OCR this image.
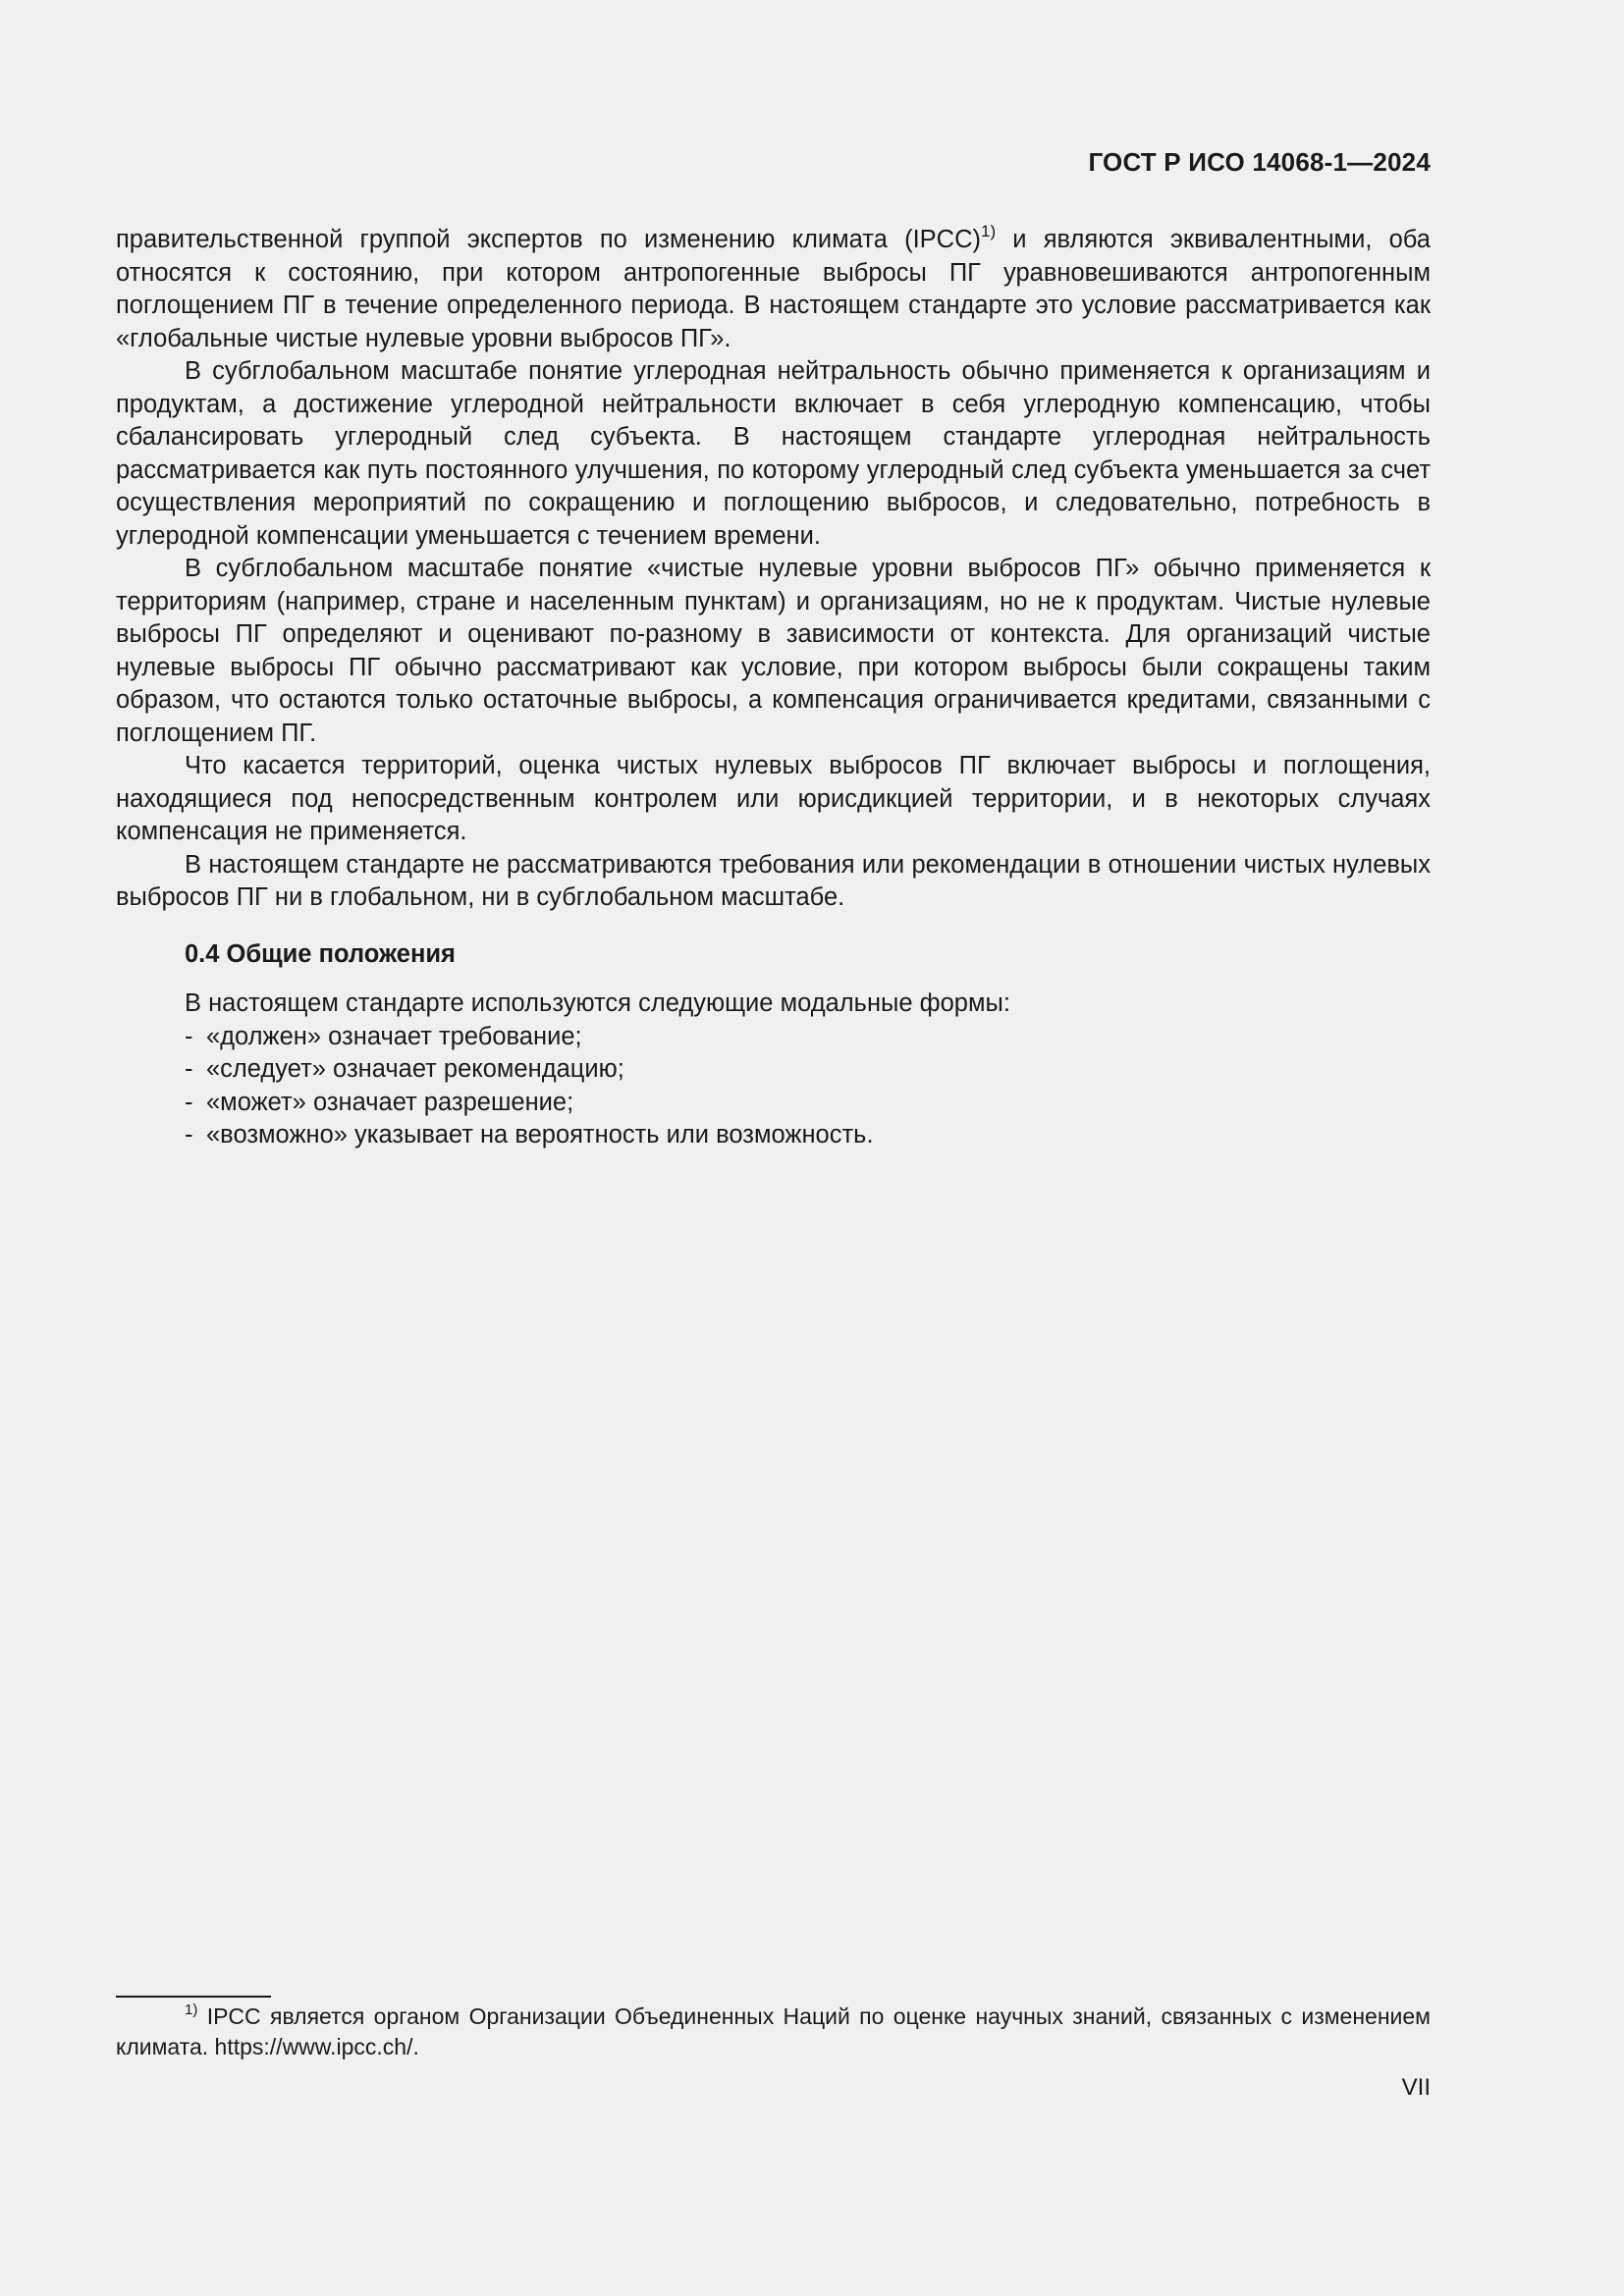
ГОСТ Р ИСО 14068-1—2024

правительственной группой экспертов по изменению климата (IPCC)$^{1)}$ и являются эквивалентными, оба относятся к состоянию, при котором антропогенные выбросы ПГ уравновешиваются антропогенным поглощением ПГ в течение определенного периода. В настоящем стандарте это условие рассматривается как «глобальные чистые нулевые уровни выбросов ПГ».

В субглобальном масштабе понятие углеродная нейтральность обычно применяется к организациям и продуктам, а достижение углеродной нейтральности включает в себя углеродную компенсацию, чтобы сбалансировать углеродный след субъекта. В настоящем стандарте углеродная нейтральность рассматривается как путь постоянного улучшения, по которому углеродный след субъекта уменьшается за счет осуществления мероприятий по сокращению и поглощению выбросов, и следовательно, потребность в углеродной компенсации уменьшается с течением времени.

В субглобальном масштабе понятие «чистые нулевые уровни выбросов ПГ» обычно применяется к территориям (например, стране и населенным пунктам) и организациям, но не к продуктам. Чистые нулевые выбросы ПГ определяют и оценивают по-разному в зависимости от контекста. Для организаций чистые нулевые выбросы ПГ обычно рассматривают как условие, при котором выбросы были сокращены таким образом, что остаются только остаточные выбросы, а компенсация ограничивается кредитами, связанными с поглощением ПГ.

Что касается территорий, оценка чистых нулевых выбросов ПГ включает выбросы и поглощения, находящиеся под непосредственным контролем или юрисдикцией территории, и в некоторых случаях компенсация не применяется.

В настоящем стандарте не рассматриваются требования или рекомендации в отношении чистых нулевых выбросов ПГ ни в глобальном, ни в субглобальном масштабе.

0.4 Общие положения

В настоящем стандарте используются следующие модальные формы:

- «должен» означает требование;
- «следует» означает рекомендацию;
- «может» означает разрешение;
- «возможно» указывает на вероятность или возможность.
$^{1)}$ IPCC является органом Организации Объединенных Наций по оценке научных знаний, связанных с изменением климата. https://www.ipcc.ch/.
VII
